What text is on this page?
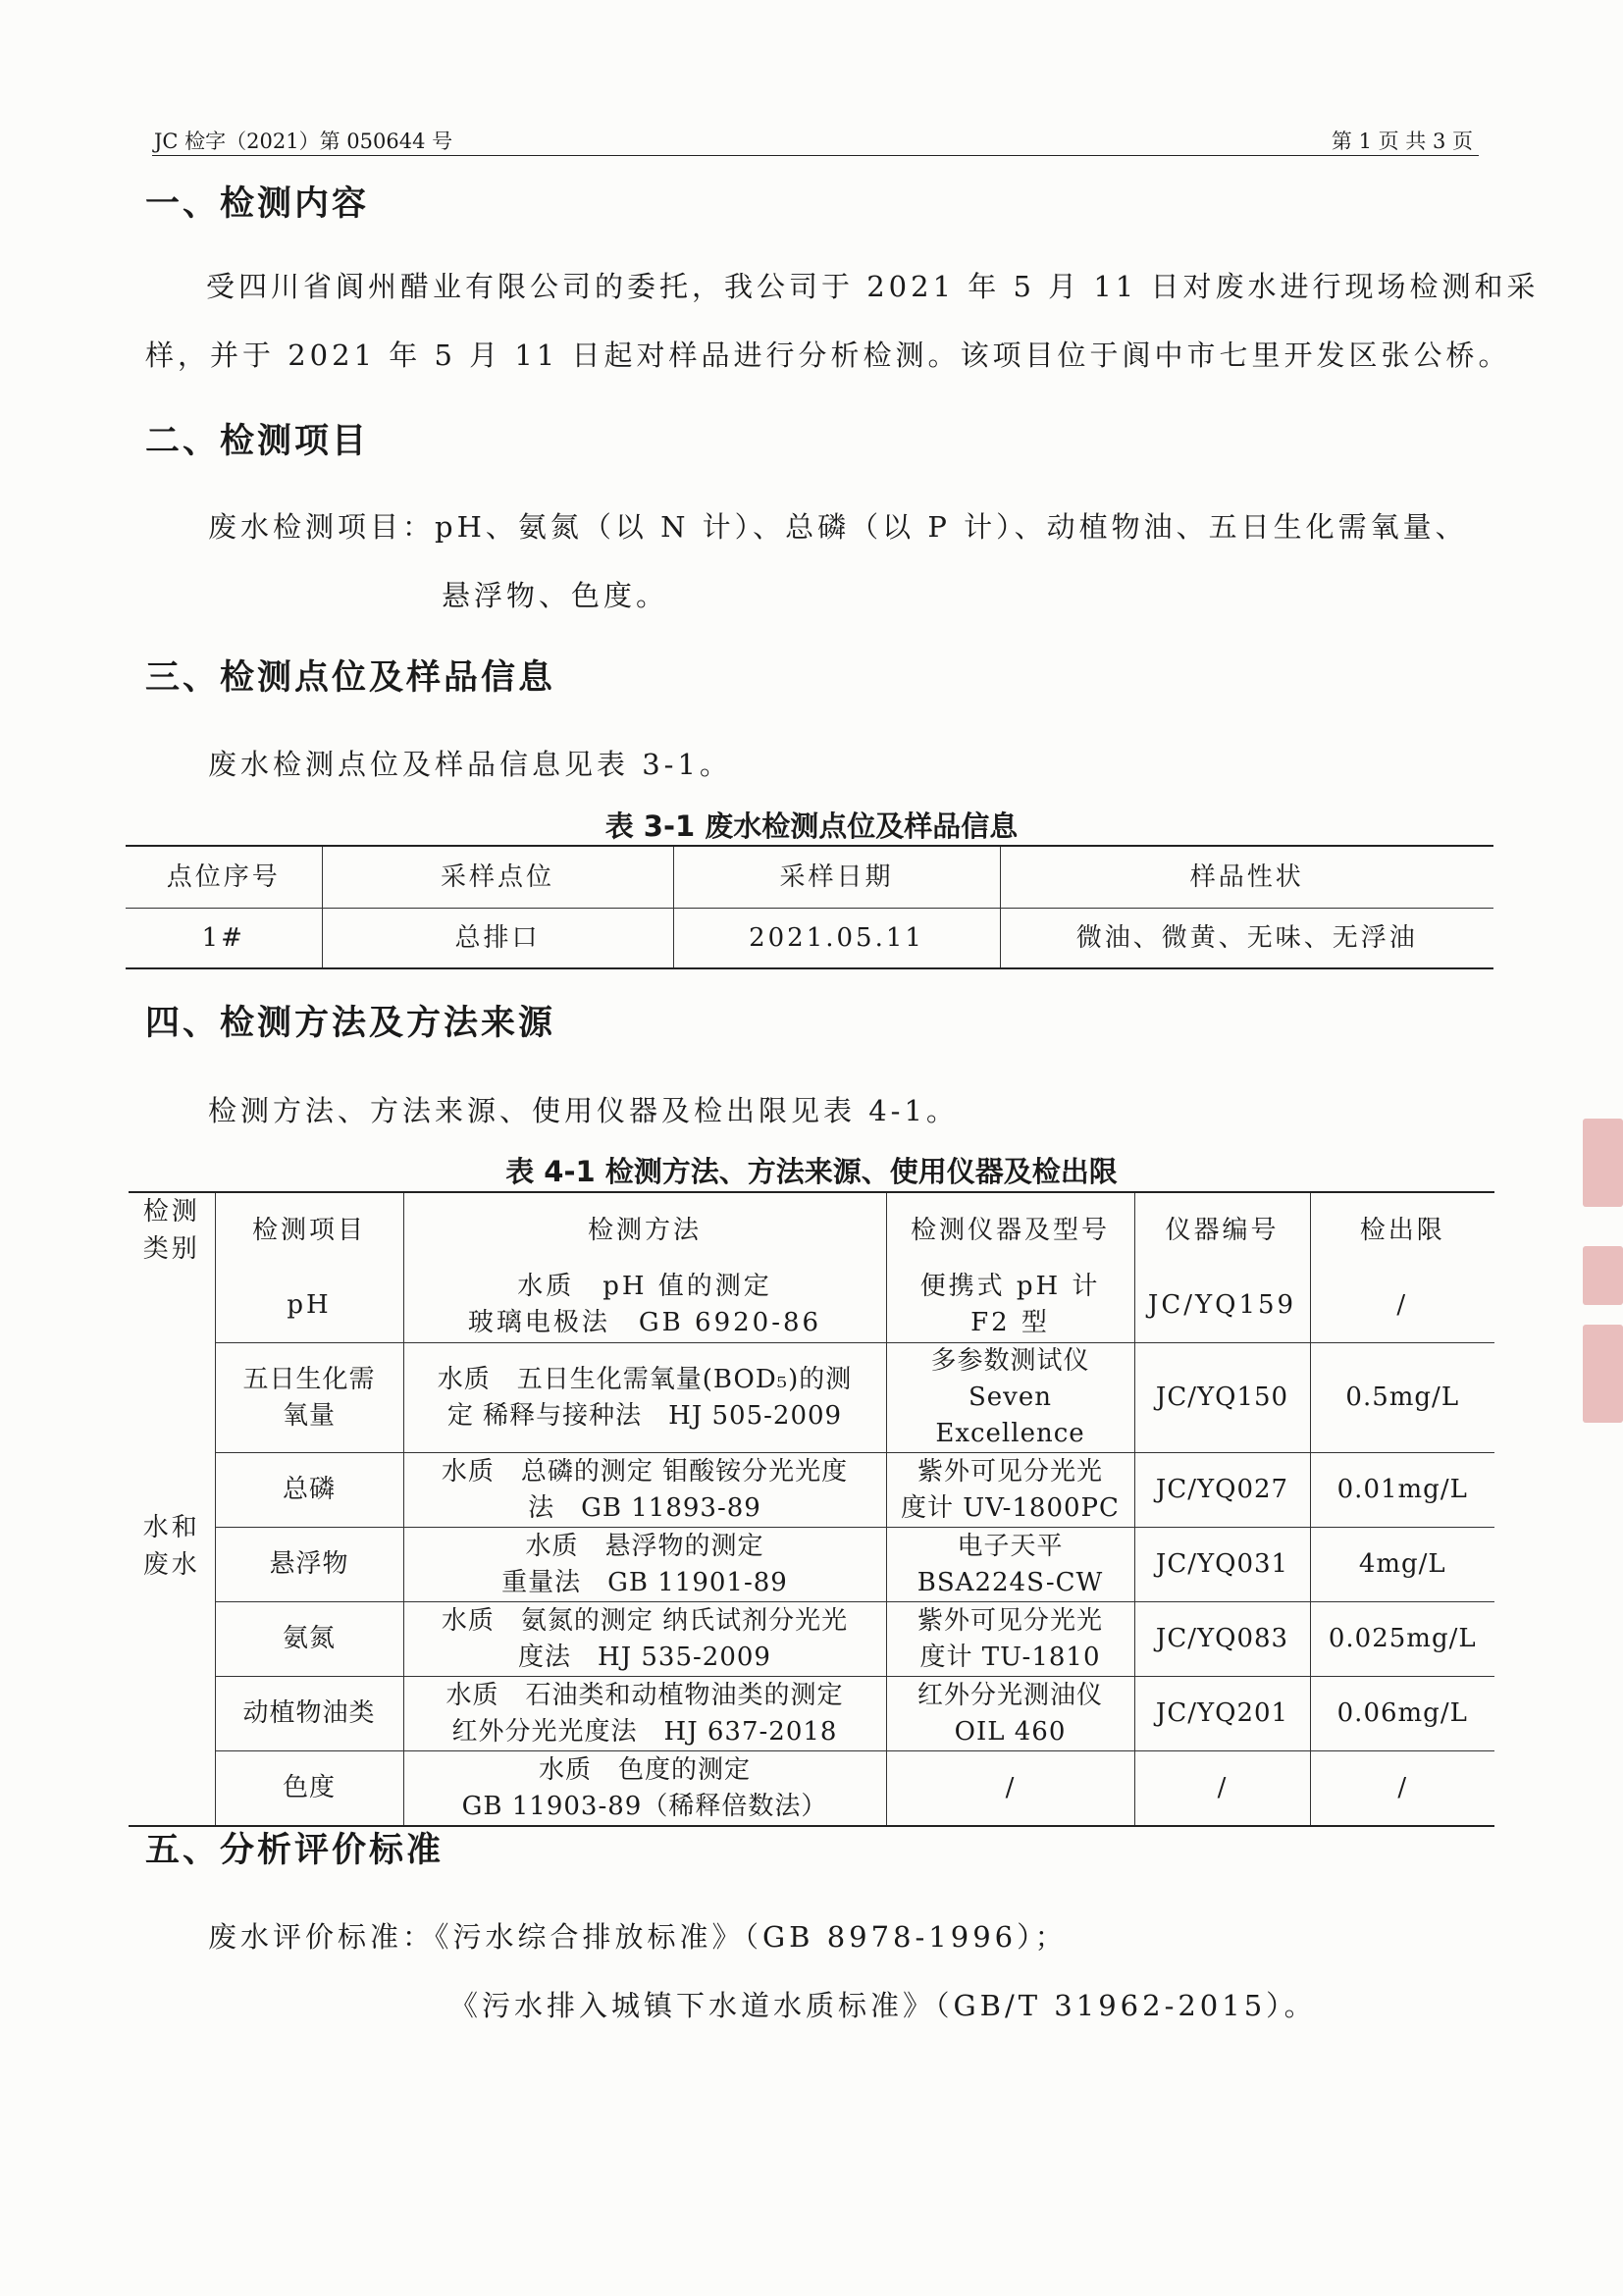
JC 检字（2021）第 050644 号	第 1 页 共 3 页
一、检测内容
受四川省阆州醋业有限公司的委托，我公司于 2021 年 5 月 11 日对废水进行现场检测和采
样，并于 2021 年 5 月 11 日起对样品进行分析检测。该项目位于阆中市七里开发区张公桥。
二、检测项目
废水检测项目：pH、氨氮（以 N 计）、总磷（以 P 计）、动植物油、五日生化需氧量、
悬浮物、色度。
三、检测点位及样品信息
废水检测点位及样品信息见表 3-1。
表 3-1 废水检测点位及样品信息
点位序号	采样点位	采样日期	样品性状
1#	总排口	2021.05.11	微油、微黄、无味、无浮油
四、检测方法及方法来源
检测方法、方法来源、使用仪器及检出限见表 4-1。
表 4-1 检测方法、方法来源、使用仪器及检出限
检测
类别	检测项目	检测方法	检测仪器及型号	仪器编号	检出限

水和
废水	pH	水质　pH 值的测定
玻璃电极法　GB 6920-86	便携式 pH 计
F2 型	JC/YQ159	/

	五日生化需
氧量	水质　五日生化需氧量(BOD₅)的测
定 稀释与接种法　HJ 505-2009	多参数测试仪
Seven Excellence	JC/YQ150	0.5mg/L

	总磷	水质　总磷的测定 钼酸铵分光光度
法　GB 11893-89	紫外可见分光光
度计 UV-1800PC	JC/YQ027	0.01mg/L

	悬浮物	水质　悬浮物的测定
重量法　GB 11901-89	电子天平
BSA224S-CW	JC/YQ031	4mg/L

	氨氮	水质　氨氮的测定 纳氏试剂分光光
度法　HJ 535-2009	紫外可见分光光
度计 TU-1810	JC/YQ083	0.025mg/L

	动植物油类	水质　石油类和动植物油类的测定
红外分光光度法　HJ 637-2018	红外分光测油仪
OIL 460	JC/YQ201	0.06mg/L

	色度	水质　色度的测定
GB 11903-89（稀释倍数法）	/	/	/
五、分析评价标准
废水评价标准：《污水综合排放标准》（GB 8978-1996）；
《污水排入城镇下水道水质标准》（GB/T 31962-2015）。
